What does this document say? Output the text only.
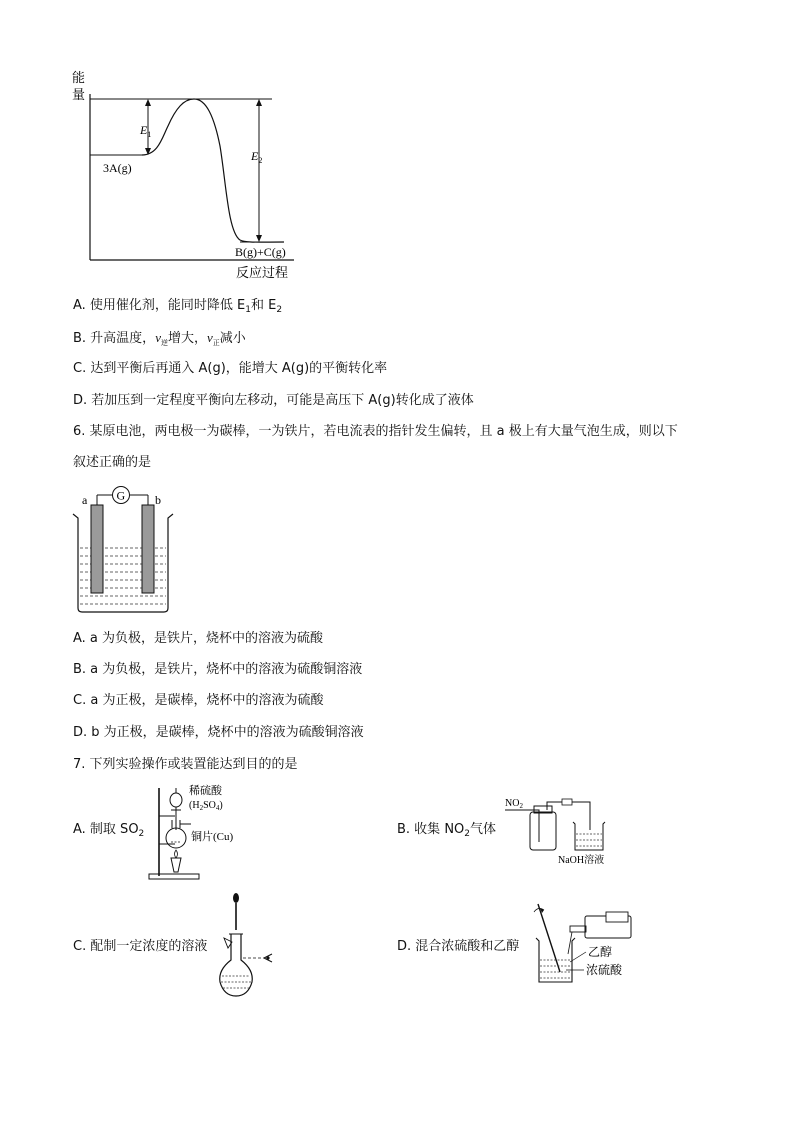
能
量
反应过程
$E_1$
$E_2$
3A(g)
B(g)+C(g)
A. 使用催化剂，能同时降低 $E_1$和 $E_2$
B. 升高温度，$v_逆$增大，$v_正$减小
C. 达到平衡后再通入 A(g)，能增大 A(g)的平衡转化率
D. 若加压到一定程度平衡向左移动，可能是高压下 A(g)转化成了液体
6. 某原电池，两电极一为碳棒，一为铁片，若电流表的指针发生偏转，且 a 极上有大量气泡生成，则以下
叙述正确的是
G
a	b
A. a 为负极，是铁片，烧杯中的溶液为硫酸
B. a 为负极，是铁片，烧杯中的溶液为硫酸铜溶液
C. a 为正极，是碳棒，烧杯中的溶液为硫酸
D. b 为正极，是碳棒，烧杯中的溶液为硫酸铜溶液
7. 下列实验操作或装置能达到目的的是
A. 制取 $SO_2$
稀硫酸
$(H_2SO_4)$
铜片(Cu)	B. 收集 $NO_2$气体
$NO_2$
NaOH溶液
C. 配制一定浓度的溶液	D. 混合浓硫酸和乙醇	乙醇
浓硫酸
